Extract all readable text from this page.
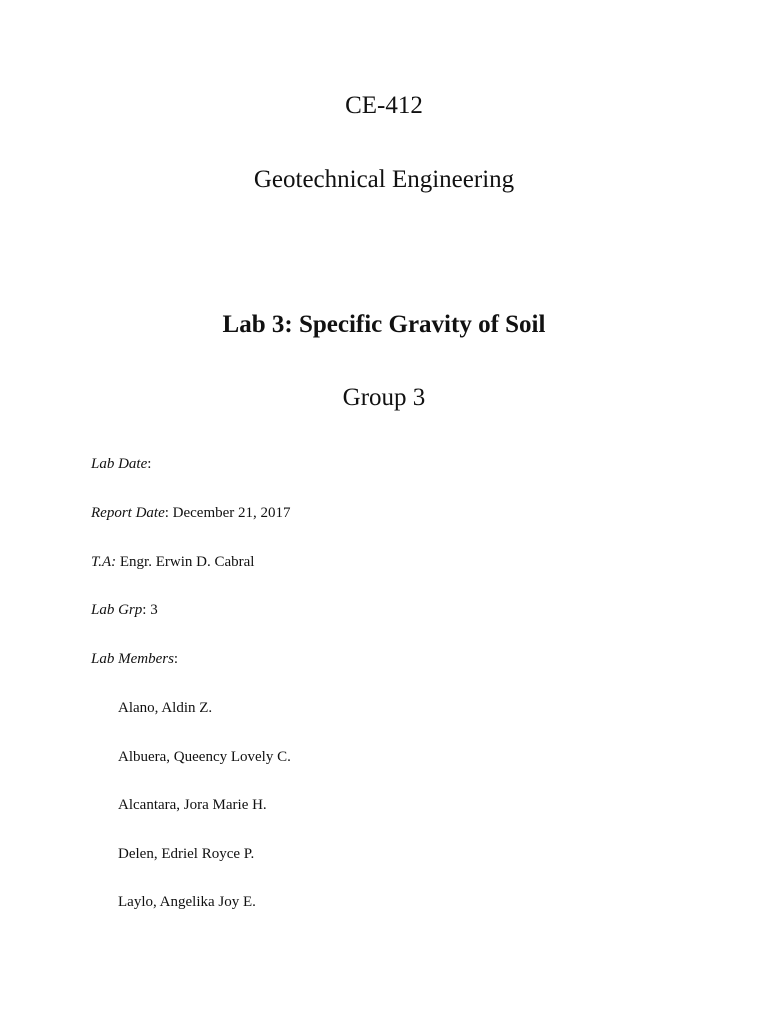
CE-412
Geotechnical Engineering
Lab 3: Specific Gravity of Soil
Group 3
Lab Date:
Report Date: December 21, 2017
T.A: Engr. Erwin D. Cabral
Lab Grp: 3
Lab Members:
Alano, Aldin Z.
Albuera, Queency Lovely C.
Alcantara, Jora Marie H.
Delen, Edriel Royce P.
Laylo, Angelika Joy E.
